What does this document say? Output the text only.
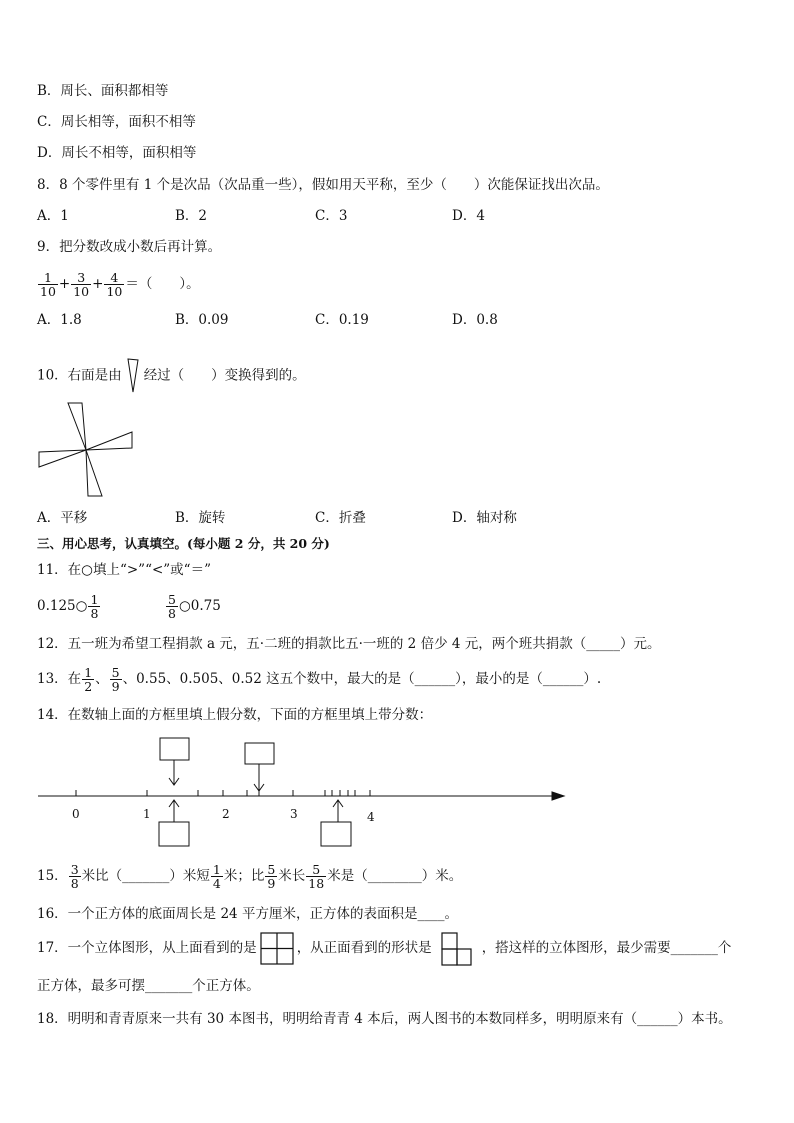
B．周长、面积都相等
C．周长相等，面积不相等
D．周长不相等，面积相等
8．8 个零件里有 1 个是次品（次品重一些），假如用天平称，至少（　　）次能保证找出次品。
A．1	B．2	C．3	D．4
9．把分数改成小数后再计算。
$\frac{1}{10} + \frac{3}{10} + \frac{4}{10}$ ＝（　　）。
A．1.8	B．0.09	C．0.19	D．0.8
10．右面是由 经过（　　）变换得到的。
A．平移	B．旋转	C．折叠	D．轴对称
三、用心思考，认真填空。(每小题 2 分，共 20 分)
11．在○填上“>”“<”或“＝”
0.125○ $\frac{1}{8}$	$\frac{5}{8}$ ○0.75
12．五一班为希望工程捐款 a 元，五·二班的捐款比五·一班的 2 倍少 4 元，两个班共捐款（_____）元。
13．在 $\frac{1}{2}$ 、 $\frac{5}{9}$ 、0.55、0.505、0.52 这五个数中，最大的是（______），最小的是（______）.
14．在数轴上面的方框里填上假分数，下面的方框里填上带分数：
0	1	2	3	4
15． $\frac{3}{8}$ 米比（_______）米短 $\frac{1}{4}$ 米；比 $\frac{5}{9}$ 米长 $\frac{5}{18}$ 米是（________）米。
16．一个正方体的底面周长是 24 平方厘米，正方体的表面积是____。
17．一个立体图形，从上面看到的是	，从正面看到的形状是	，搭这样的立体图形，最少需要_______个
正方体，最多可摆_______个正方体。
18．明明和青青原来一共有 30 本图书，明明给青青 4 本后，两人图书的本数同样多，明明原来有（______）本书。
